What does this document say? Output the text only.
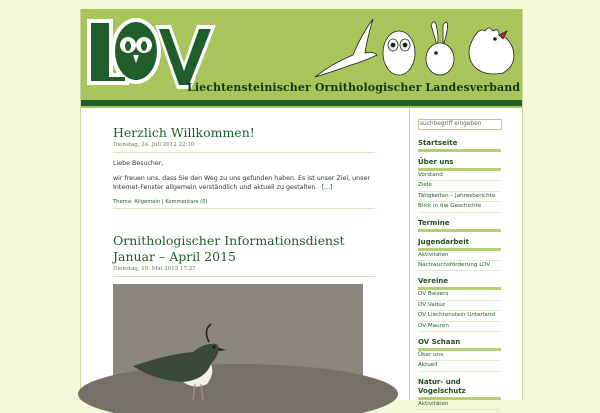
Liechtensteinischer Ornithologischer Landesverband
Herzlich Willkommen!
Dienstag, 24. Juli 2012 22:10

Liebe Besucher,

wir freuen uns, dass Sie den Weg zu uns gefunden haben. Es ist unser Ziel, unser Internet-Fenster allgemein verständlich und aktuell zu gestalten. [...]

Thema: Allgemein | Kommentare (0)
Ornithologischer Informationsdienst Januar – April 2015
Dienstag, 19. Mai 2015 17:27
suchbegriff eingeben
Startseite
Über uns
Vorstand
Ziele
Tätigkeiten – Jahresberichte
Blick in die Geschichte
Termine
Jugendarbeit
Aktivitäten
Nachwuchsförderung LOV
Vereine
OV Balzers
OV Vaduz
OV Liechtenstein Unterland
OV Mauren
OV Schaan
Über uns
Aktuell
Natur- und Vogelschutz
Aktivitäten
